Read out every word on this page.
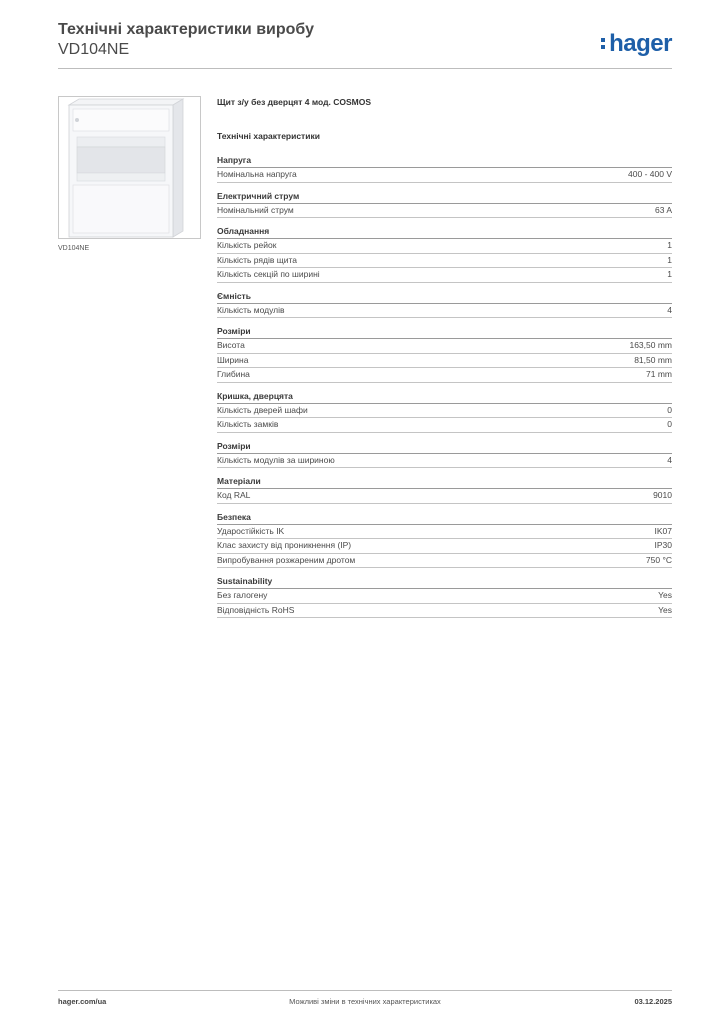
Технічні характеристики виробу
VD104NE	hager
VD104NE
Щит з/у без дверцят 4 мод. COSMOS
Технічні характеристики
Напруга
Номінальна напруга	400 - 400 V
Електричний струм
Номінальний струм	63 A
Обладнання
Кількість рейок	1
Кількість рядів щита	1
Кількість секцій по ширині	1
Ємність
Кількість модулів	4
Розміри
Висота	163,50 mm
Ширина	81,50 mm
Глибина	71 mm
Кришка, дверцята
Кількість дверей шафи	0
Кількість замків	0
Розміри
Кількість модулів за шириною	4
Матеріали
Код RAL	9010
Безпека
Ударостійкість IK	IK07
Клас захисту від проникнення (IP)	IP30
Випробування розжареним дротом	750 °C
Sustainability
Без галогену	Yes
Відповідність RoHS	Yes
hager.com/ua	Можливі зміни в технічних характеристиках	03.12.2025
